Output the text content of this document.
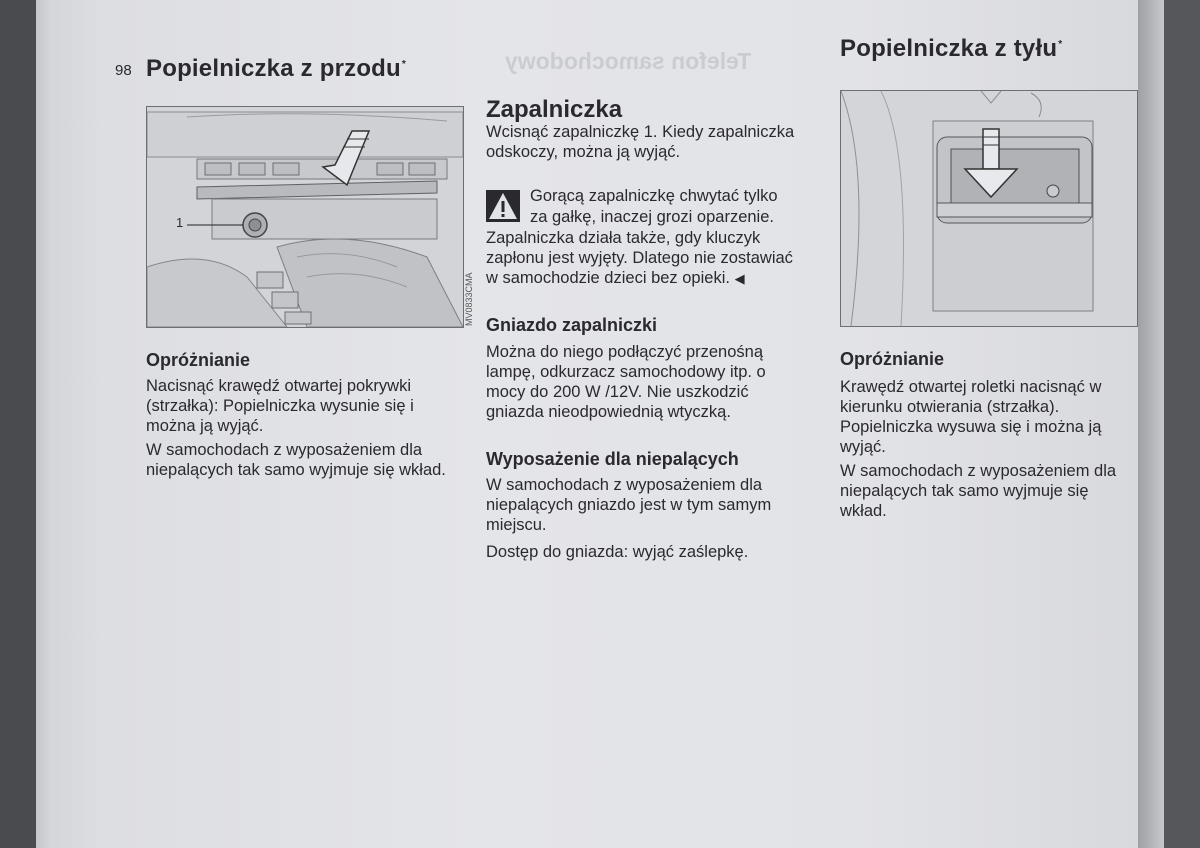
Telefon samochodowy
98 Popielniczka z przodu*
Popielniczka z tyłu*
1
MV0833CMA
Opróżnianie

Nacisnąć krawędź otwartej pokrywki (strzałka): Popielniczka wysunie się i można ją wyjąć.

W samochodach z wyposażeniem dla niepalących tak samo wyjmuje się wkład.

Zapalniczka
Wcisnąć zapalniczkę 1. Kiedy zapalniczka odskoczy, można ją wyjąć.
Gorącą zapalniczkę chwytać tylko
za gałkę, inaczej grozi oparzenie.
Zapalniczka działa także, gdy kluczyk zapłonu jest wyjęty. Dlatego nie zostawiać w samochodzie dzieci bez opieki. ◀
Gniazdo zapalniczki
Można do niego podłączyć przenośną lampę, odkurzacz samochodowy itp. o mocy do 200 W /12V. Nie uszkodzić gniazda nieodpowiednią wtyczką.
Wyposażenie dla niepalących
W samochodach z wyposażeniem dla niepalących gniazdo jest w tym samym miejscu.
Dostęp do gniazda: wyjąć zaślepkę.
Opróżnianie

Krawędź otwartej roletki nacisnąć w kierunku otwierania (strzałka). Popielniczka wysuwa się i można ją wyjąć.

W samochodach z wyposażeniem dla niepalących tak samo wyjmuje się wkład.
